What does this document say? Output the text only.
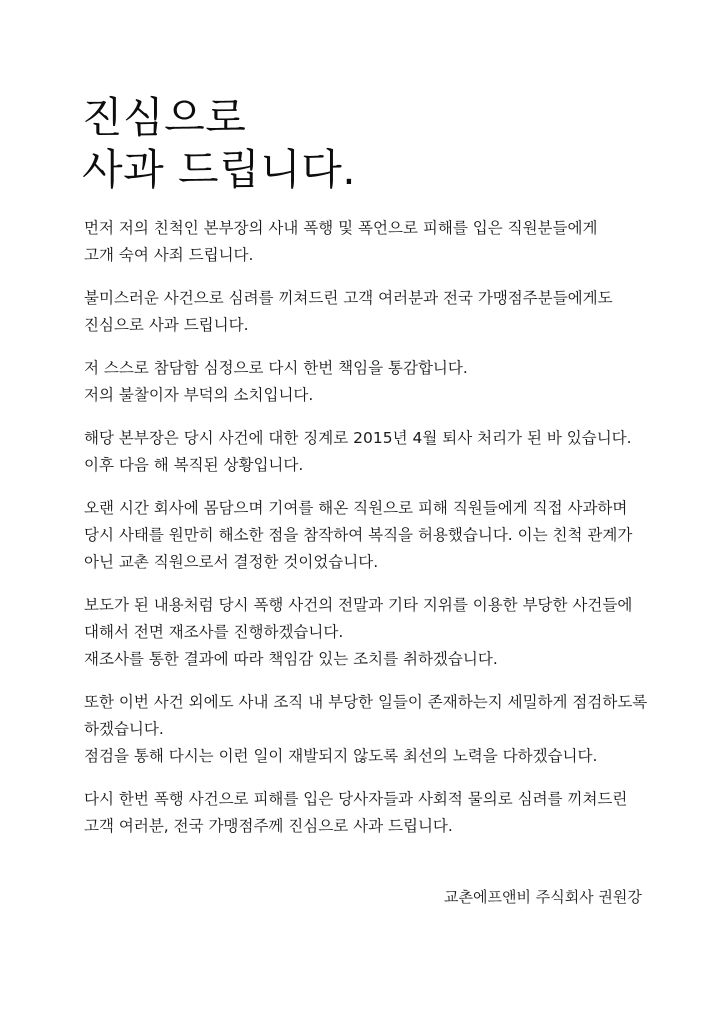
진심으로
사과 드립니다.

먼저 저의 친척인 본부장의 사내 폭행 및 폭언으로 피해를 입은 직원분들에게
고개 숙여 사죄 드립니다.

불미스러운 사건으로 심려를 끼쳐드린 고객 여러분과 전국 가맹점주분들에게도
진심으로 사과 드립니다.

저 스스로 참담함 심정으로 다시 한번 책임을 통감합니다.
저의 불찰이자 부덕의 소치입니다.

해당 본부장은 당시 사건에 대한 징계로 2015년 4월 퇴사 처리가 된 바 있습니다.
이후 다음 해 복직된 상황입니다.

오랜 시간 회사에 몸담으며 기여를 해온 직원으로 피해 직원들에게 직접 사과하며
당시 사태를 원만히 해소한 점을 참작하여 복직을 허용했습니다. 이는 친척 관계가
아닌 교촌 직원으로서 결정한 것이었습니다.

보도가 된 내용처럼 당시 폭행 사건의 전말과 기타 지위를 이용한 부당한 사건들에
대해서 전면 재조사를 진행하겠습니다.
재조사를 통한 결과에 따라 책임감 있는 조치를 취하겠습니다.

또한 이번 사건 외에도 사내 조직 내 부당한 일들이 존재하는지 세밀하게 점검하도록
하겠습니다.
점검을 통해 다시는 이런 일이 재발되지 않도록 최선의 노력을 다하겠습니다.

다시 한번 폭행 사건으로 피해를 입은 당사자들과 사회적 물의로 심려를 끼쳐드린
고객 여러분, 전국 가맹점주께 진심으로 사과 드립니다.

교촌에프앤비 주식회사 권원강
